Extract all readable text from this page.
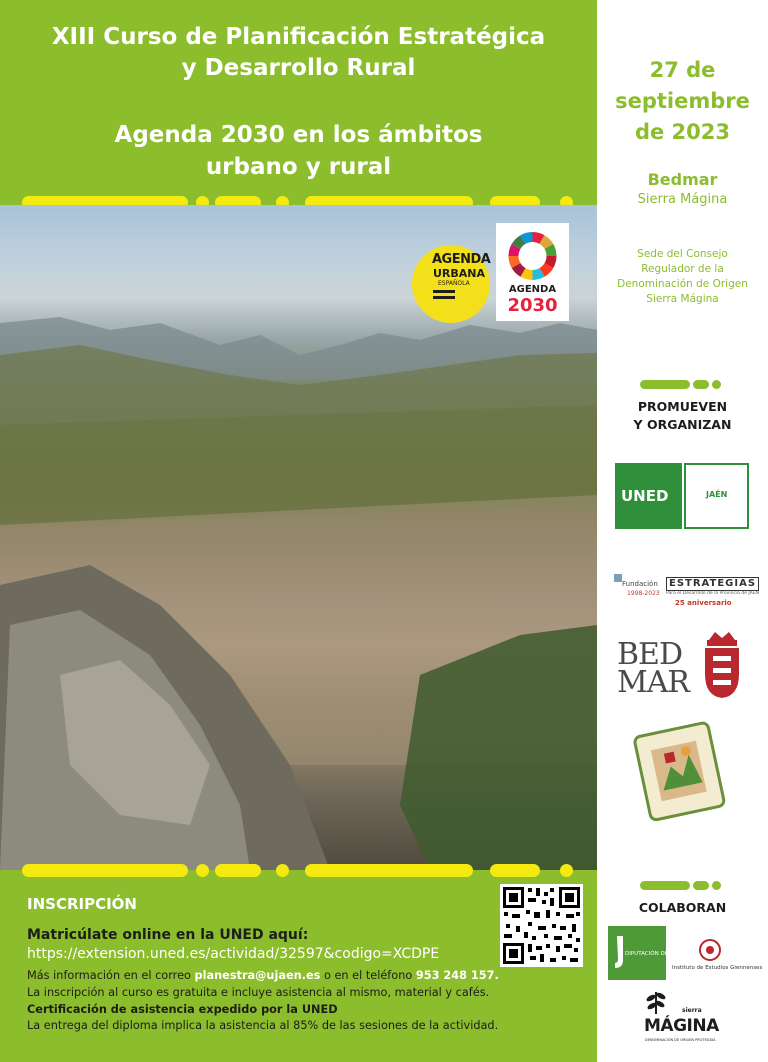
XIII Curso de Planificación Estratégica
y Desarrollo Rural
Agenda 2030 en los ámbitos
urbano y rural
AGENDA
URBANA
ESPAÑOLA
AGENDA
2030
INSCRIPCIÓN
Matricúlate online en la UNED aquí:
https://extension.uned.es/actividad/32597&codigo=XCDPE
Más información en el correo planestra@ujaen.es o en el teléfono 953 248 157.
La inscripción al curso es gratuita e incluye asistencia al mismo, material y cafés.
Certificación de asistencia expedido por la UNED
La entrega del diploma implica la asistencia al 85% de las sesiones de la actividad.
27 de
septiembre
de 2023
Bedmar
Sierra Mágina
Sede del Consejo
Regulador de la
Denominación de Origen
Sierra Mágina
PROMUEVEN
Y ORGANIZAN
UNED	JAÉN
Fundación
1998-2023
ESTRATEGIAS
Para el Desarrollo de la Provincia de JAÉN
25 aniversario
BED
MAR
COLABORAN
DIPUTACIÓN DE JAÉN
Instituto de Estudios Giennenses
sierra
MÁGINA
DENOMINACIÓN DE ORIGEN PROTEGIDA
